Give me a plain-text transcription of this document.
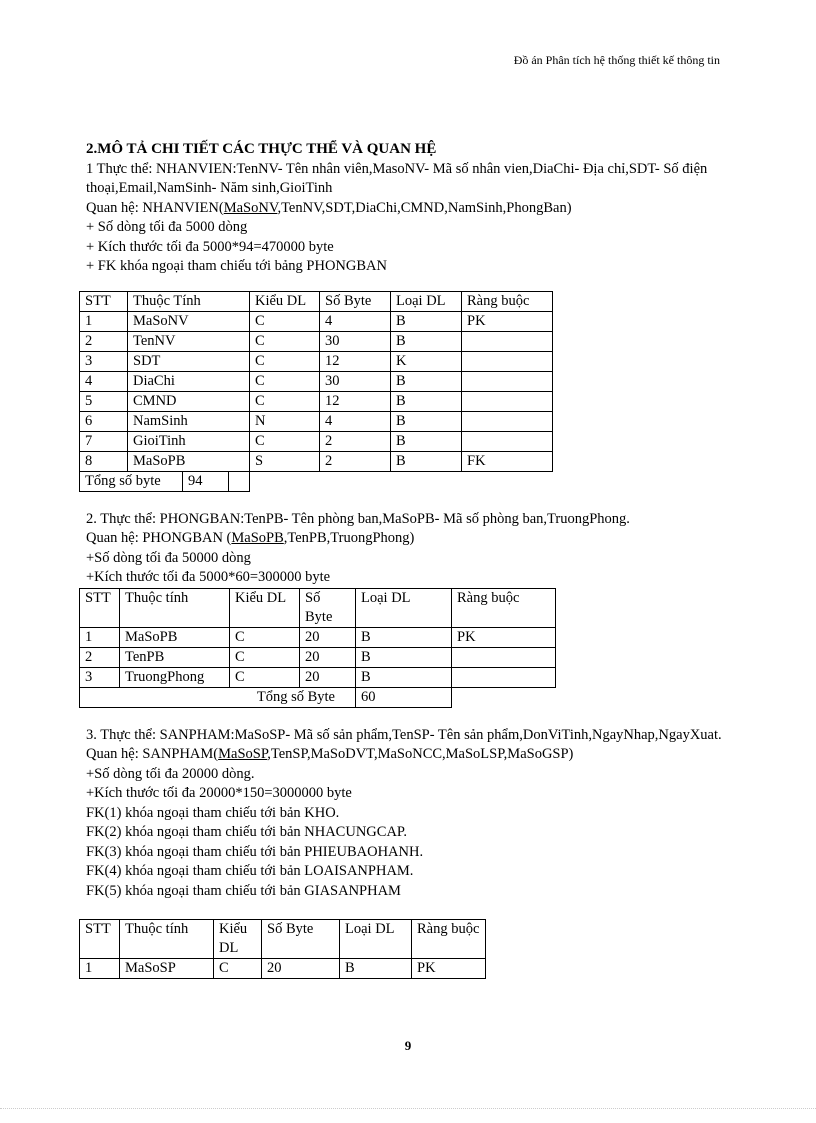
Đồ án Phân tích hệ thống thiết kế thông tin

2.MÔ TẢ CHI TIẾT CÁC THỰC THỂ VÀ QUAN HỆ

1 Thực thể: NHANVIEN:TenNV- Tên nhân viên,MasoNV- Mã số nhân vien,DiaChi- Địa chỉ,SDT- Số điện thoại,Email,NamSinh- Năm sinh,GioiTinh

Quan hệ: NHANVIEN(MaSoNV,TenNV,SDT,DiaChi,CMND,NamSinh,PhongBan)

+ Số dòng tối đa 5000 dòng

+ Kích thước tối đa 5000*94=470000 byte

+ FK khóa ngoại tham chiếu tới bảng PHONGBAN

STT	Thuộc Tính	Kiểu DL	Số Byte	Loại DL	Ràng buộc
1	MaSoNV	C	4	B	PK
2	TenNV	C	30	B	
3	SDT	C	12	K	
4	DiaChi	C	30	B	
5	CMND	C	12	B	
6	NamSinh	N	4	B	
7	GioiTinh	C	2	B	
8	MaSoPB	S	2	B	FK

Tổng số byte 94					

2. Thực thể: PHONGBAN:TenPB- Tên phòng ban,MaSoPB- Mã số phòng ban,TruongPhong.

Quan hệ: PHONGBAN (MaSoPB,TenPB,TruongPhong)

+Số dòng tối đa 50000 dòng

+Kích thước tối đa 5000*60=300000 byte

STT	Thuộc tính	Kiểu DL	Số Byte	Loại DL	Ràng buộc
1	MaSoPB	C	20	B	PK
2	TenPB	C	20	B	
3	TruongPhong	C	20	B	
Tổng số Byte				60	

3. Thực thể: SANPHAM:MaSoSP- Mã số sản phẩm,TenSP- Tên sản phẩm,DonViTinh,NgayNhap,NgayXuat.

Quan hệ: SANPHAM(MaSoSP,TenSP,MaSoDVT,MaSoNCC,MaSoLSP,MaSoGSP)

+Số dòng tối đa 20000 dòng.

+Kích thước tối đa 20000*150=3000000 byte

FK(1) khóa ngoại tham chiếu tới bản KHO.

FK(2) khóa ngoại tham chiếu tới bản NHACUNGCAP.

FK(3) khóa ngoại tham chiếu tới bản PHIEUBAOHANH.

FK(4) khóa ngoại tham chiếu tới bản LOAISANPHAM.

FK(5) khóa ngoại tham chiếu tới bản GIASANPHAM

STT	Thuộc tính	Kiểu DL	Số Byte	Loại DL	Ràng buộc
1	MaSoSP	C	20	B	PK
9
